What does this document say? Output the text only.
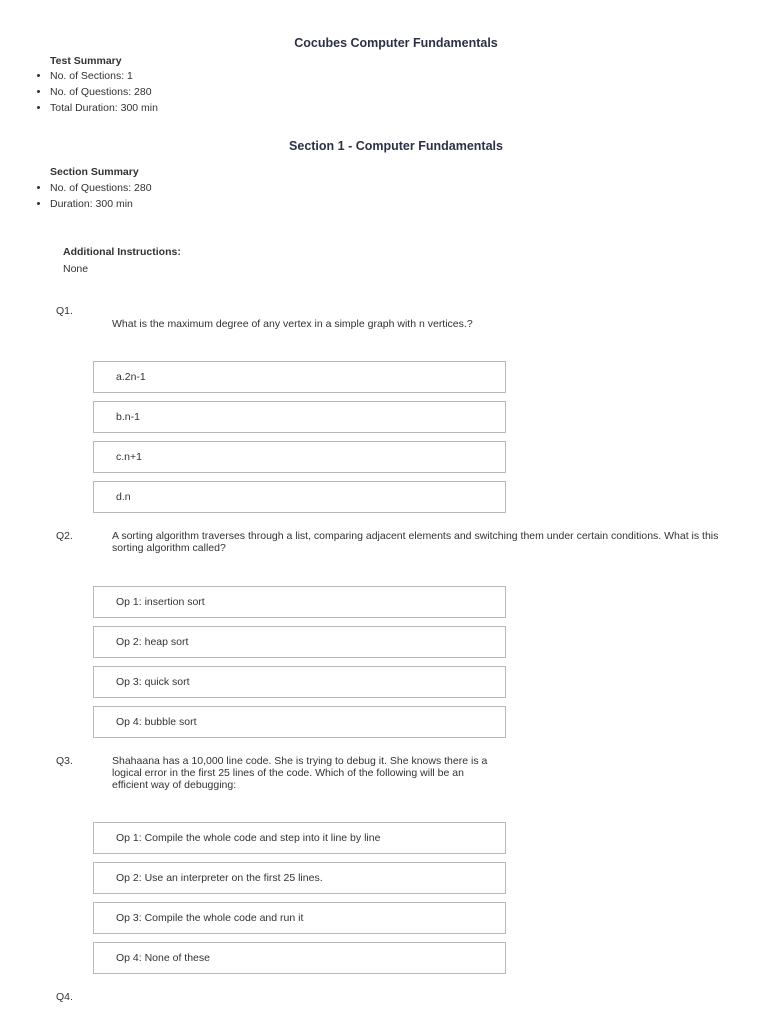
Cocubes Computer Fundamentals
Test Summary
• No. of Sections: 1
• No. of Questions: 280
• Total Duration: 300 min
Section 1 - Computer Fundamentals
Section Summary
• No. of Questions: 280
• Duration: 300 min
Additional Instructions:
None
Q1.
What is the maximum degree of any vertex in a simple graph with n vertices.?
a.2n-1
b.n-1
c.n+1
d.n
Q2.	A sorting algorithm traverses through a list, comparing adjacent elements and switching them under certain conditions. What is this sorting algorithm called?
Op 1: insertion sort
Op 2: heap sort
Op 3: quick sort
Op 4: bubble sort
Q3.	Shahaana has a 10,000 line code. She is trying to debug it. She knows there is a logical error in the first 25 lines of the code. Which of the following will be an efficient way of debugging:
Op 1: Compile the whole code and step into it line by line
Op 2: Use an interpreter on the first 25 lines.
Op 3: Compile the whole code and run it
Op 4: None of these
Q4.
